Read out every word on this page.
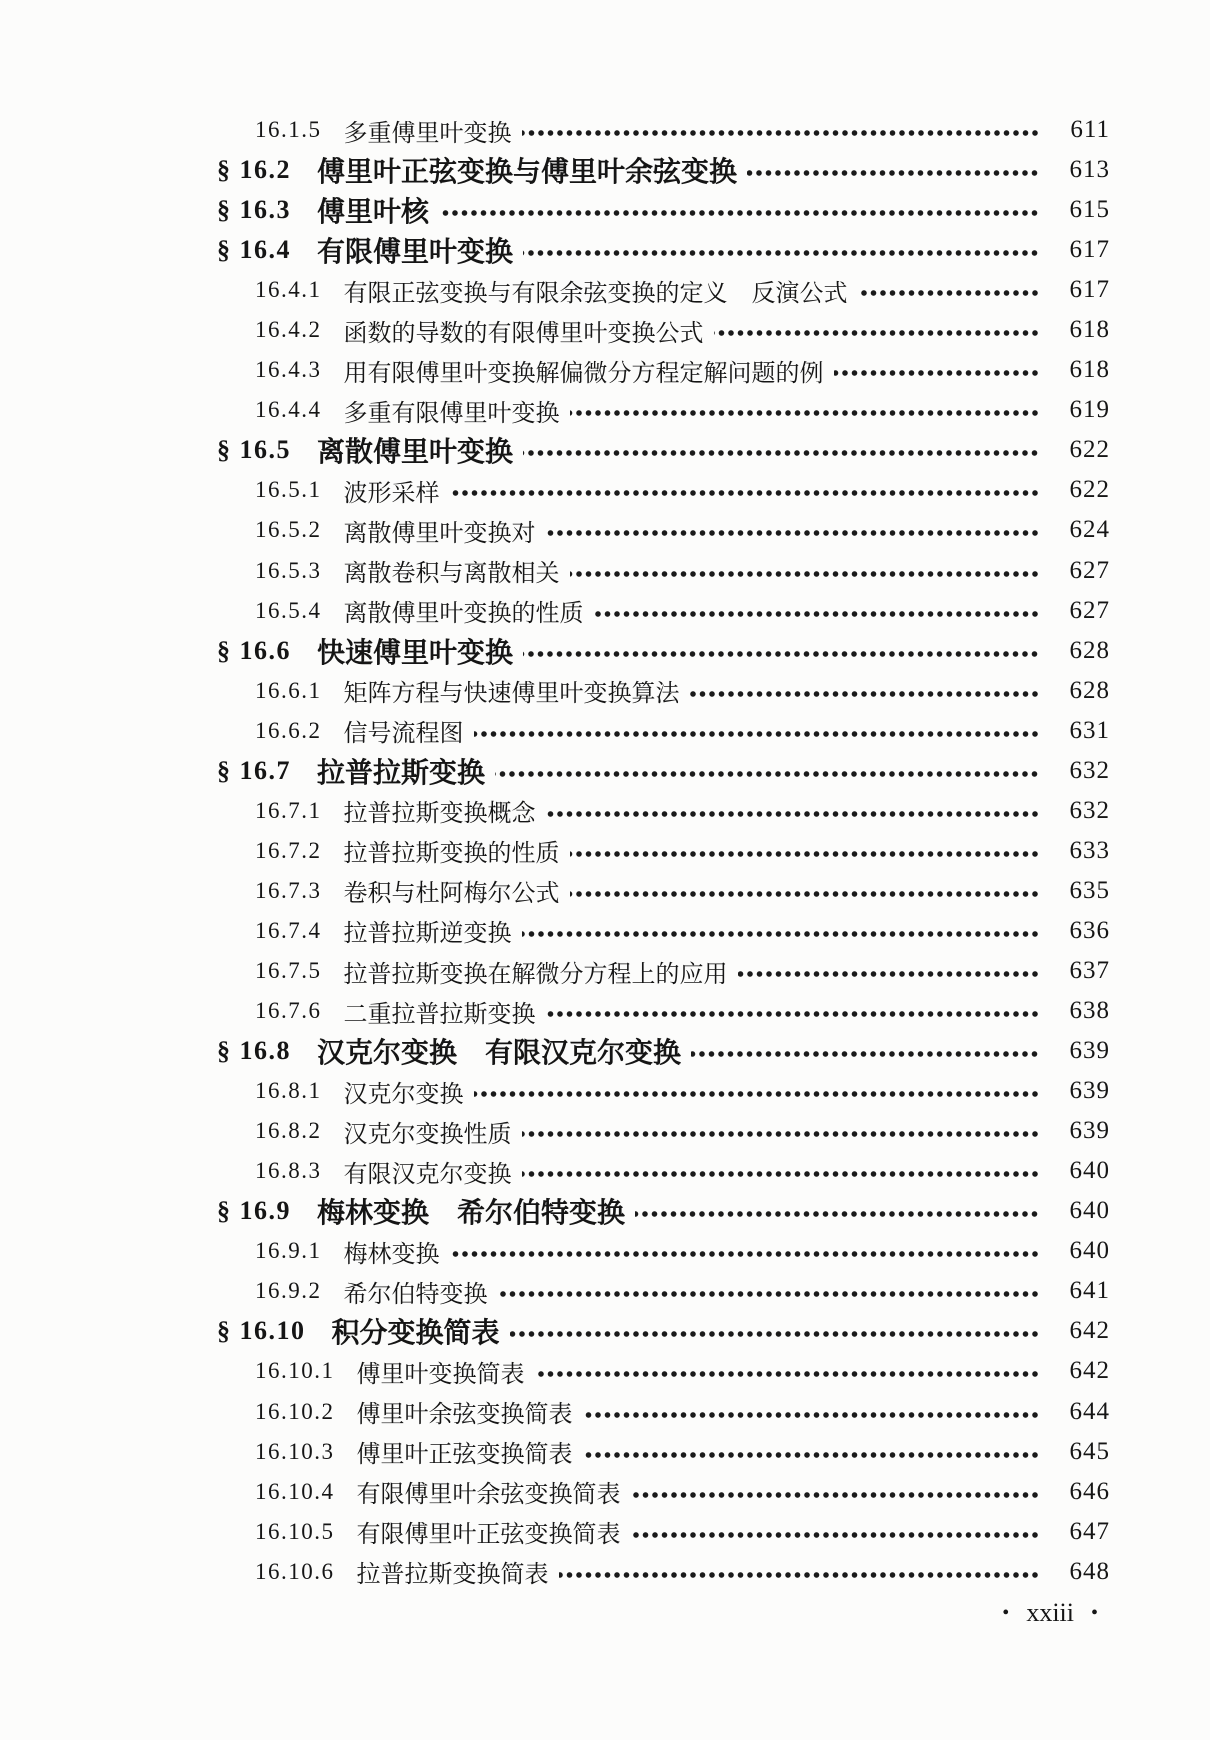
16.1.5 多重傅里叶变换	611
§ 16.2 傅里叶正弦变换与傅里叶余弦变换	613
§ 16.3 傅里叶核	615
§ 16.4 有限傅里叶变换	617
16.4.1 有限正弦变换与有限余弦变换的定义　反演公式	617
16.4.2 函数的导数的有限傅里叶变换公式	618
16.4.3 用有限傅里叶变换解偏微分方程定解问题的例	618
16.4.4 多重有限傅里叶变换	619
§ 16.5 离散傅里叶变换	622
16.5.1 波形采样	622
16.5.2 离散傅里叶变换对	624
16.5.3 离散卷积与离散相关	627
16.5.4 离散傅里叶变换的性质	627
§ 16.6 快速傅里叶变换	628
16.6.1 矩阵方程与快速傅里叶变换算法	628
16.6.2 信号流程图	631
§ 16.7 拉普拉斯变换	632
16.7.1 拉普拉斯变换概念	632
16.7.2 拉普拉斯变换的性质	633
16.7.3 卷积与杜阿梅尔公式	635
16.7.4 拉普拉斯逆变换	636
16.7.5 拉普拉斯变换在解微分方程上的应用	637
16.7.6 二重拉普拉斯变换	638
§ 16.8 汉克尔变换　有限汉克尔变换	639
16.8.1 汉克尔变换	639
16.8.2 汉克尔变换性质	639
16.8.3 有限汉克尔变换	640
§ 16.9 梅林变换　希尔伯特变换	640
16.9.1 梅林变换	640
16.9.2 希尔伯特变换	641
§ 16.10 积分变换简表	642
16.10.1 傅里叶变换简表	642
16.10.2 傅里叶余弦变换简表	644
16.10.3 傅里叶正弦变换简表	645
16.10.4 有限傅里叶余弦变换简表	646
16.10.5 有限傅里叶正弦变换简表	647
16.10.6 拉普拉斯变换简表	648
• xxiii •
